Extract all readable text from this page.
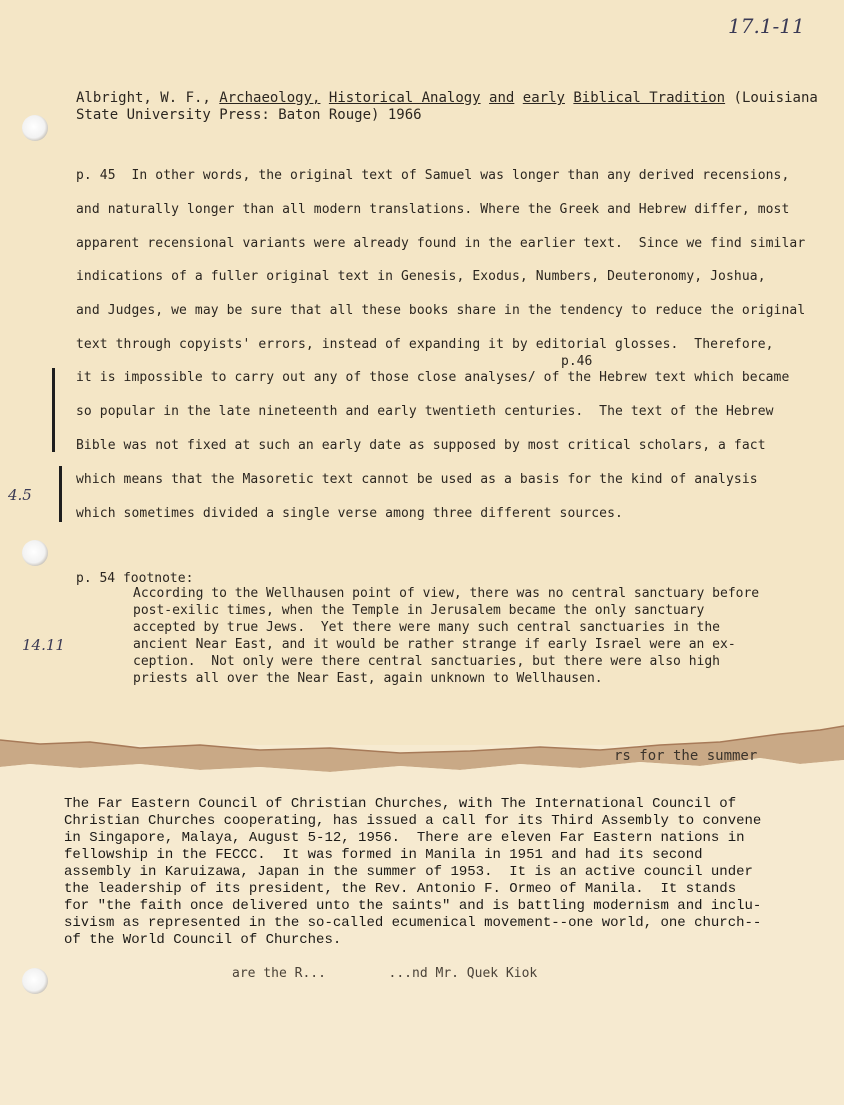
17.1-11
4.5
14.11
Albright, W. F., Archaeology, Historical Analogy and early Biblical Tradition (Louisiana
State University Press: Baton Rouge) 1966
p. 45  In other words, the original text of Samuel was longer than any derived recensions,
and naturally longer than all modern translations. Where the Greek and Hebrew differ, most
apparent recensional variants were already found in the earlier text.  Since we find similar
indications of a fuller original text in Genesis, Exodus, Numbers, Deuteronomy, Joshua,
and Judges, we may be sure that all these books share in the tendency to reduce the original
text through copyists' errors, instead of expanding it by editorial glosses.  Therefore,
it is impossible to carry out any of those close analyses/ of the Hebrew text which became
so popular in the late nineteenth and early twentieth centuries.  The text of the Hebrew
Bible was not fixed at such an early date as supposed by most critical scholars, a fact
which means that the Masoretic text cannot be used as a basis for the kind of analysis
which sometimes divided a single verse among three different sources.
p.46
p. 54 footnote:
According to the Wellhausen point of view, there was no central sanctuary before
post-exilic times, when the Temple in Jerusalem became the only sanctuary
accepted by true Jews.  Yet there were many such central sanctuaries in the
ancient Near East, and it would be rather strange if early Israel were an ex-
ception.  Not only were there central sanctuaries, but there were also high
priests all over the Near East, again unknown to Wellhausen.
rs for the summer
The Far Eastern Council of Christian Churches, with The International Council of
Christian Churches cooperating, has issued a call for its Third Assembly to convene
in Singapore, Malaya, August 5-12, 1956.  There are eleven Far Eastern nations in
fellowship in the FECCC.  It was formed in Manila in 1951 and had its second
assembly in Karuizawa, Japan in the summer of 1953.  It is an active council under
the leadership of its president, the Rev. Antonio F. Ormeo of Manila.  It stands
for "the faith once delivered unto the saints" and is battling modernism and inclu-
sivism as represented in the so-called ecumenical movement--one world, one church--
of the World Council of Churches.
are the R...        ...nd Mr. Quek Kiok
